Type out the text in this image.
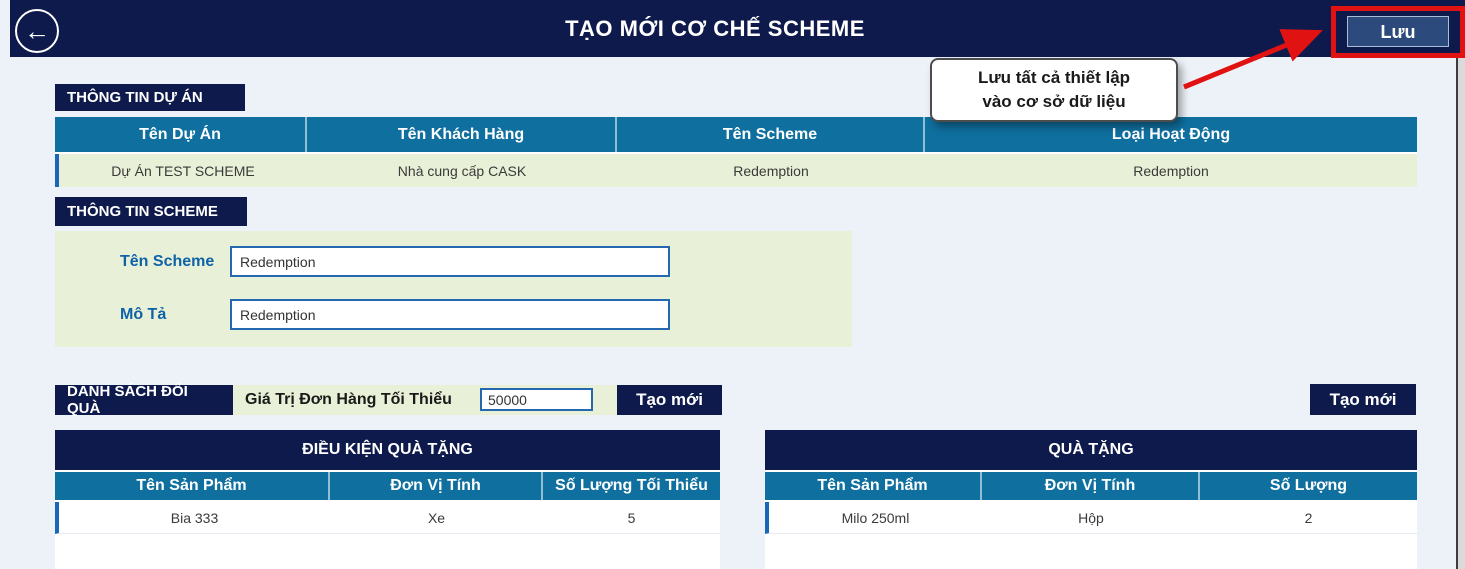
←	TẠO MỚI CƠ CHẾ SCHEME	Lưu
Lưu tất cả thiết lập
vào cơ sở dữ liệu
THÔNG TIN DỰ ÁN
Tên Dự Án	Tên Khách Hàng	Tên Scheme	Loại Hoạt Động
Dự Án TEST SCHEME	Nhà cung cấp CASK	Redemption	Redemption
THÔNG TIN SCHEME
Tên Scheme
Redemption
Mô Tả
Redemption
DANH SÁCH ĐỔI QUÀ
Giá Trị Đơn Hàng Tối Thiểu
50000	Tạo mới	Tạo mới
ĐIỀU KIỆN QUÀ TẶNG
Tên Sản Phẩm	Đơn Vị Tính	Số Lượng Tối Thiểu
Bia 333	Xe	5
QUÀ TẶNG
Tên Sản Phẩm	Đơn Vị Tính	Số Lượng
Milo 250ml	Hộp	2
